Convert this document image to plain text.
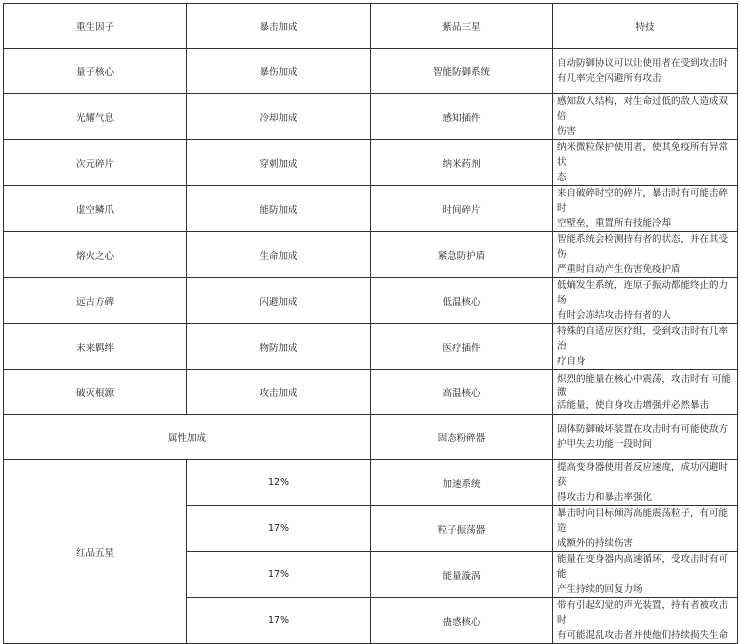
重生因子	暴击加成	紫品三星	特技
量子核心	暴伤加成	智能防御系统	自动防御协议可以让使用者在受到攻击时
有几率完全闪避所有攻击

光耀气息	冷却加成	感知插件	感知敌人结构，对生命过低的敌人造成双倍
伤害

次元碎片	穿刺加成	纳米药剂	纳米微粒保护使用者，使其免疫所有异常状
态

虚空鳞爪	能防加成	时间碎片	来自破碎时空的碎片，暴击时有可能击碎时
空壁垒，重置所有技能冷却

熔火之心	生命加成	紧急防护盾	智能系统会检测持有者的状态，并在其受伤
严重时自动产生伤害免疫护盾

远古方碑	闪避加成	低温核心	低熵发生系统，连原子振动都能终止的力场
有时会冻结攻击持有者的人

未来羁绊	物防加成	医疗插件	特殊的自适应医疗组，受到攻击时有几率治
疗自身

破灭根源	攻击加成	高温核心	炽烈的能量在核心中震荡，攻击时有 可能
激
活能量，使自身攻击增强并必然暴击

属性加成		固态粉碎器	固体防御破坏装置在攻击时有可能使敌方
护甲失去功能一段时间

红品五星	12%	加速系统	提高变身器使用者反应速度，成功闪避时获
得攻击力和暴击率强化

	17%	粒子振荡器	暴击时向目标倾泻高能震荡粒子，有可能造
成额外的持续伤害

	17%	能量漩涡	能量在变身器内高速循环，受攻击时有可能
产生持续的回复力场

	17%	蛊惑核心	带有引起幻觉的声光装置，持有者被攻击时
有可能混乱攻击者并使他们持续损失生命
